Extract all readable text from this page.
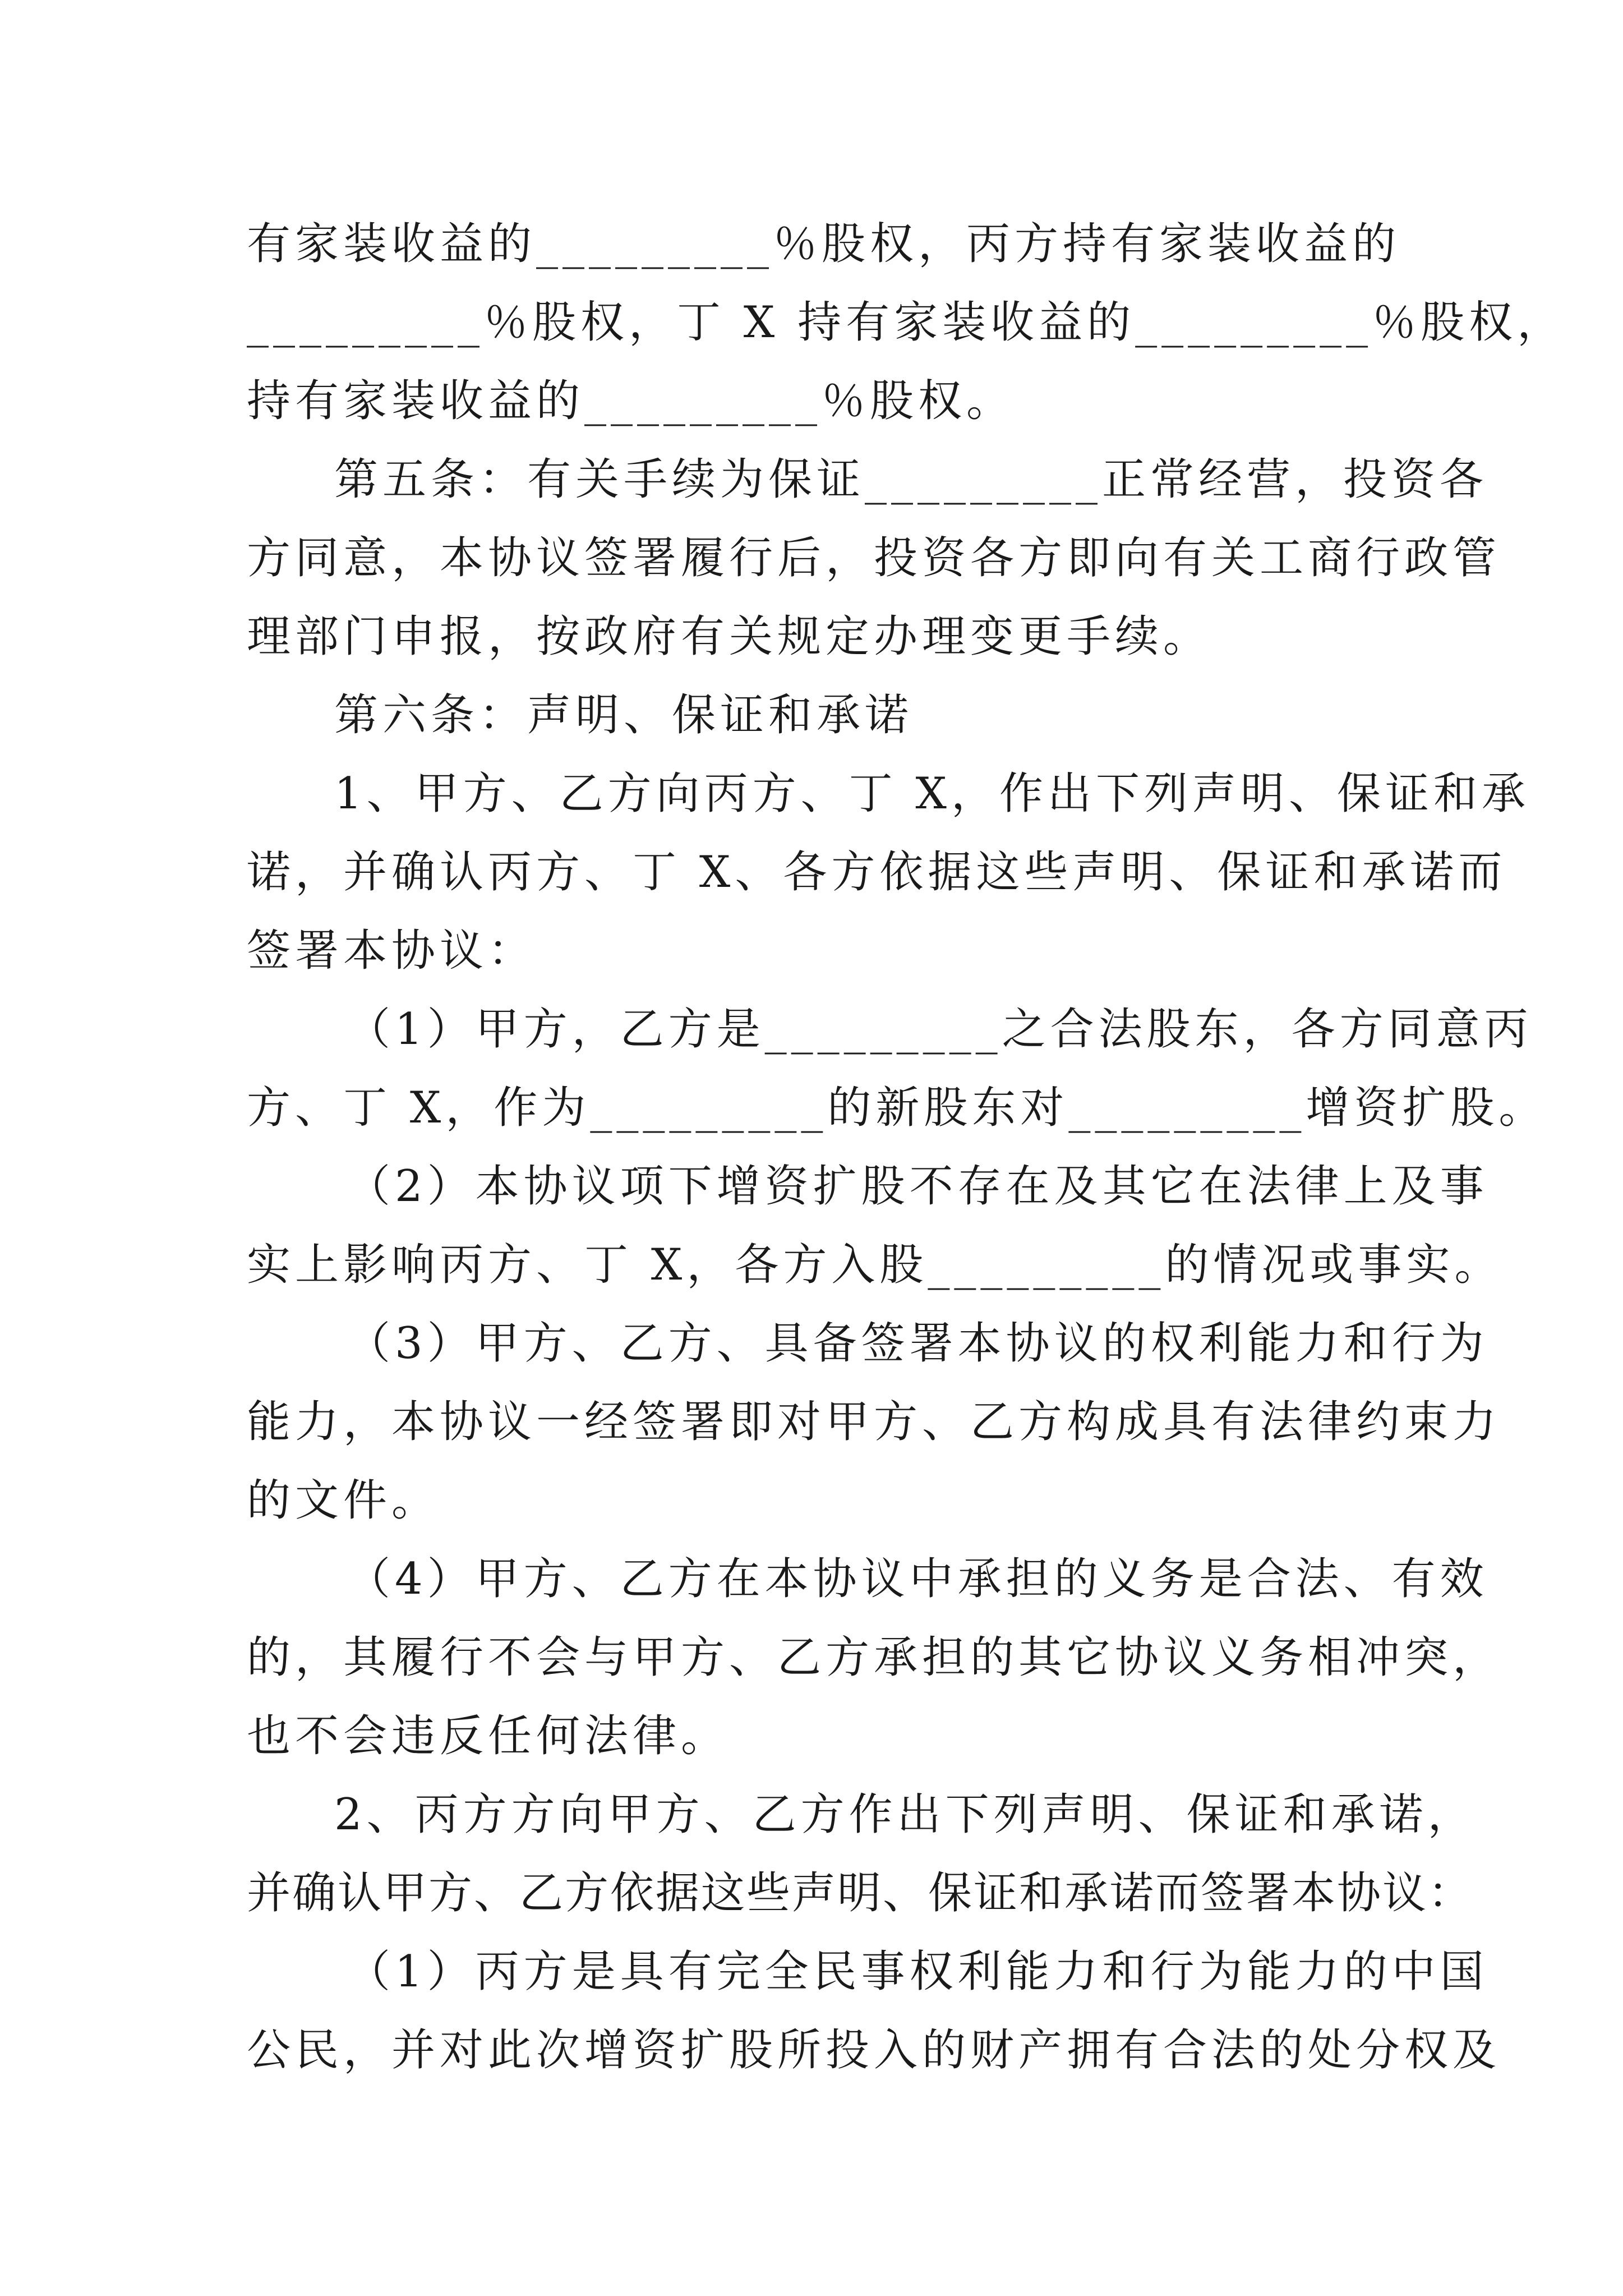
有家装收益的_________％股权，丙方持有家装收益的
_________％股权，丁 X 持有家装收益的_________％股权，
持有家装收益的_________％股权。
第五条：有关手续为保证_________正常经营，投资各
方同意，本协议签署履行后，投资各方即向有关工商行政管
理部门申报，按政府有关规定办理变更手续。
第六条：声明、保证和承诺
1、甲方、乙方向丙方、丁 X，作出下列声明、保证和承
诺，并确认丙方、丁 X、各方依据这些声明、保证和承诺而
签署本协议：
（1）甲方，乙方是_________之合法股东，各方同意丙
方、丁 X，作为_________的新股东对_________增资扩股。
（2）本协议项下增资扩股不存在及其它在法律上及事
实上影响丙方、丁 X，各方入股_________的情况或事实。
（3）甲方、乙方、具备签署本协议的权利能力和行为
能力，本协议一经签署即对甲方、乙方构成具有法律约束力
的文件。
（4）甲方、乙方在本协议中承担的义务是合法、有效
的，其履行不会与甲方、乙方承担的其它协议义务相冲突，
也不会违反任何法律。
2、丙方方向甲方、乙方作出下列声明、保证和承诺，
并确认甲方、乙方依据这些声明、保证和承诺而签署本协议：
（1）丙方是具有完全民事权利能力和行为能力的中国
公民，并对此次增资扩股所投入的财产拥有合法的处分权及
